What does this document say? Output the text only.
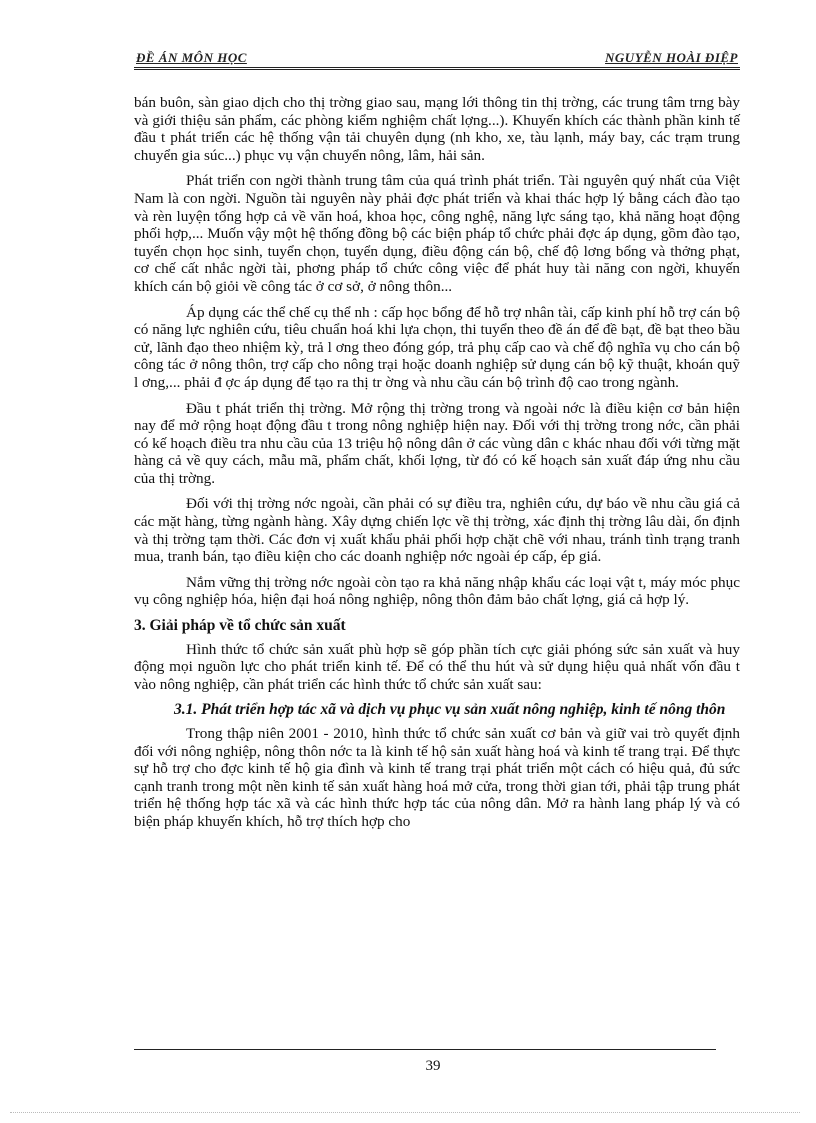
ĐỀ ÁN MÔN HỌC	NGUYỄN HOÀI ĐIỆP

bán buôn, sàn giao dịch cho thị trờng giao sau, mạng lới thông tin thị trờng, các trung tâm trng bày và giới thiệu sản phẩm, các phòng kiểm nghiệm chất lợng...). Khuyến khích các thành phần kinh tế đầu t phát triển các hệ thống vận tải chuyên dụng (nh kho, xe, tàu lạnh, máy bay, các trạm trung chuyển gia súc...) phục vụ vận chuyển nông, lâm, hải sản.

Phát triển con ngời thành trung tâm của quá trình phát triển. Tài nguyên quý nhất của Việt Nam là con ngời. Nguồn tài nguyên này phải đợc phát triển và khai thác hợp lý bằng cách đào tạo và rèn luyện tổng hợp cả về văn hoá, khoa học, công nghệ, năng lực sáng tạo, khả năng hoạt động phối hợp,... Muốn vậy một hệ thống đồng bộ các biện pháp tổ chức phải đợc áp dụng, gồm đào tạo, tuyển chọn học sinh, tuyển chọn, tuyển dụng, điều động cán bộ, chế độ lơng bổng và thởng phạt, cơ chế cất nhắc ngời tài, phơng pháp tổ chức công việc để phát huy tài năng con ngời, khuyến khích cán bộ giỏi về công tác ở cơ sở, ở nông thôn...

Áp dụng các thể chế cụ thể nh : cấp học bổng để hỗ trợ nhân tài, cấp kinh phí hỗ trợ cán bộ có năng lực nghiên cứu, tiêu chuẩn hoá khi lựa chọn, thi tuyển theo đề án để đề bạt, đề bạt theo bầu cử, lãnh đạo theo nhiệm kỳ, trả l ơng theo đóng góp, trả phụ cấp cao và chế độ nghĩa vụ cho cán bộ công tác ở nông thôn, trợ cấp cho nông trại hoặc doanh nghiệp sử dụng cán bộ kỹ thuật, khoán quỹ l ơng,... phải đ ợc áp dụng để tạo ra thị tr ờng và nhu cầu cán bộ trình độ cao trong ngành.

Đầu t phát triển thị trờng. Mở rộng thị trờng trong và ngoài nớc là điều kiện cơ bản hiện nay để mở rộng hoạt động đầu t trong nông nghiệp hiện nay. Đối với thị trờng trong nớc, cần phải có kế hoạch điều tra nhu cầu của 13 triệu hộ nông dân ở các vùng dân c khác nhau đối với từng mặt hàng cả về quy cách, mẫu mã, phẩm chất, khối lợng, từ đó có kế hoạch sản xuất đáp ứng nhu cầu của thị trờng.

Đối với thị trờng nớc ngoài, cần phải có sự điều tra, nghiên cứu, dự báo về nhu cầu giá cả các mặt hàng, từng ngành hàng. Xây dựng chiến lợc về thị trờng, xác định thị trờng lâu dài, ổn định và thị trờng tạm thời. Các đơn vị xuất khẩu phải phối hợp chặt chẽ với nhau, tránh tình trạng tranh mua, tranh bán, tạo điều kiện cho các doanh nghiệp nớc ngoài ép cấp, ép giá.

Nắm vững thị trờng nớc ngoài còn tạo ra khả năng nhập khẩu các loại vật t, máy móc phục vụ công nghiệp hóa, hiện đại hoá nông nghiệp, nông thôn đảm bảo chất lợng, giá cả hợp lý.

3. Giải pháp về tổ chức sản xuất

Hình thức tổ chức sản xuất phù hợp sẽ góp phần tích cực giải phóng sức sản xuất và huy động mọi nguồn lực cho phát triển kinh tế. Để có thể thu hút và sử dụng hiệu quả nhất vốn đầu t vào nông nghiệp, cần phát triển các hình thức tổ chức sản xuất sau:

3.1. Phát triển hợp tác xã và dịch vụ phục vụ sản xuất nông nghiệp, kinh tế nông thôn

Trong thập niên 2001 - 2010, hình thức tổ chức sản xuất cơ bản và giữ vai trò quyết định đối với nông nghiệp, nông thôn nớc ta là kinh tế hộ sản xuất hàng hoá và kinh tế trang trại. Để thực sự hỗ trợ cho đợc kinh tế hộ gia đình và kinh tế trang trại phát triển một cách có hiệu quả, đủ sức cạnh tranh trong một nền kinh tế sản xuất hàng hoá mở cửa, trong thời gian tới, phải tập trung phát triển hệ thống hợp tác xã và các hình thức hợp tác của nông dân. Mở ra hành lang pháp lý và có biện pháp khuyến khích, hỗ trợ thích hợp cho

39
